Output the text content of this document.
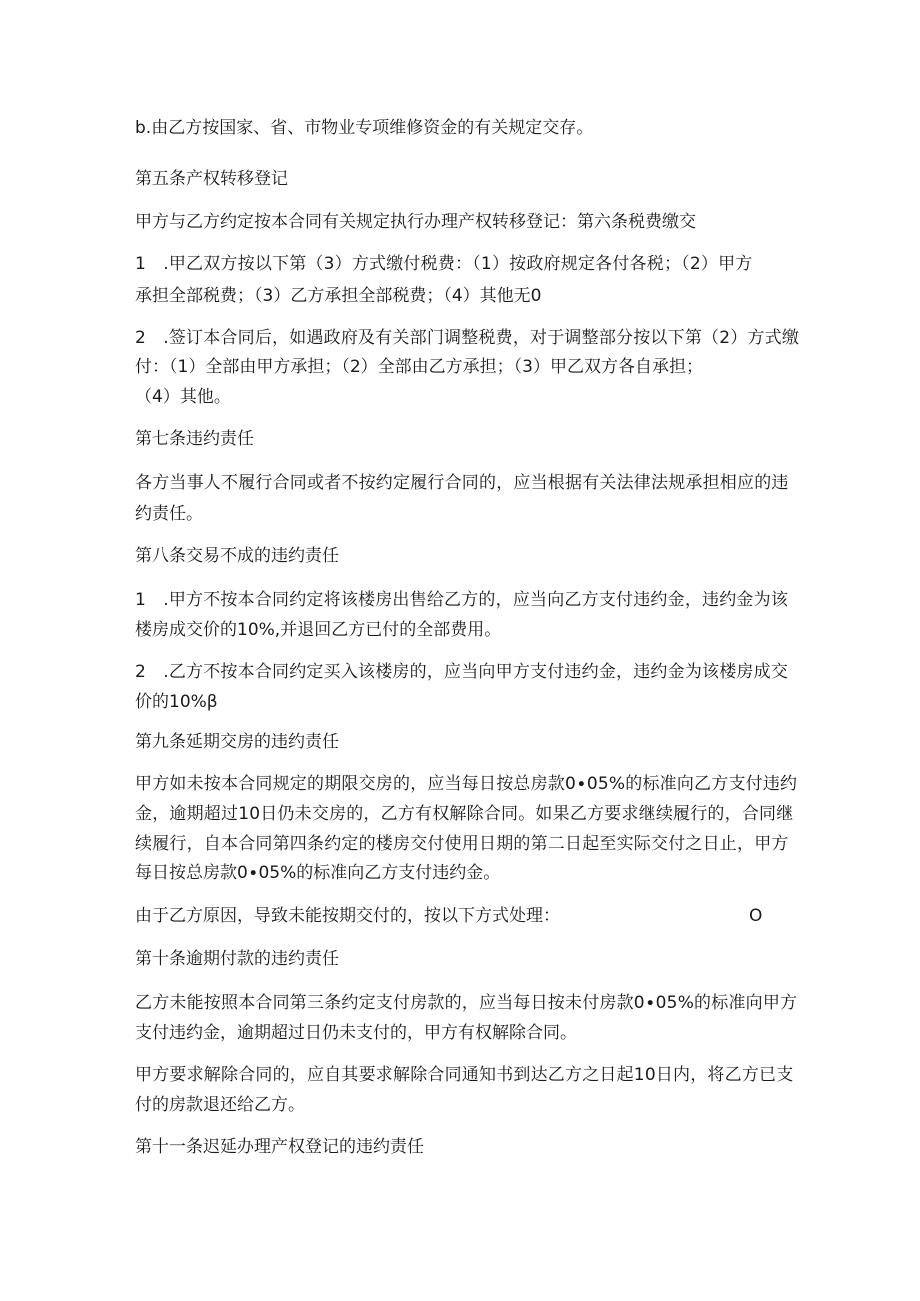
b.由乙方按国家、省、市物业专项维修资金的有关规定交存。
第五条产权转移登记
甲方与乙方约定按本合同有关规定执行办理产权转移登记：第六条税费缴交
1　.甲乙双方按以下第（3）方式缴付税费：（1）按政府规定各付各税；（2）甲方
承担全部税费；（3）乙方承担全部税费；（4）其他无0
2　.签订本合同后，如遇政府及有关部门调整税费，对于调整部分按以下第（2）方式缴
付：（1）全部由甲方承担；（2）全部由乙方承担；（3）甲乙双方各自承担；
（4）其他。
第七条违约责任
各方当事人不履行合同或者不按约定履行合同的，应当根据有关法律法规承担相应的违
约责任。
第八条交易不成的违约责任
1　.甲方不按本合同约定将该楼房出售给乙方的，应当向乙方支付违约金，违约金为该
楼房成交价的10%,并退回乙方已付的全部费用。
2　.乙方不按本合同约定买入该楼房的，应当向甲方支付违约金，违约金为该楼房成交
价的10%β
第九条延期交房的违约责任
甲方如未按本合同规定的期限交房的，应当每日按总房款0∙05%的标准向乙方支付违约
金，逾期超过10日仍未交房的，乙方有权解除合同。如果乙方要求继续履行的，合同继
续履行，自本合同第四条约定的楼房交付使用日期的第二日起至实际交付之日止，甲方
每日按总房款0∙05%的标准向乙方支付违约金。
由于乙方原因，导致未能按期交付的，按以下方式处理：	O
第十条逾期付款的违约责任
乙方未能按照本合同第三条约定支付房款的，应当每日按未付房款0∙05%的标准向甲方
支付违约金，逾期超过日仍未支付的，甲方有权解除合同。
甲方要求解除合同的，应自其要求解除合同通知书到达乙方之日起10日内，将乙方已支
付的房款退还给乙方。
第十一条迟延办理产权登记的违约责任
